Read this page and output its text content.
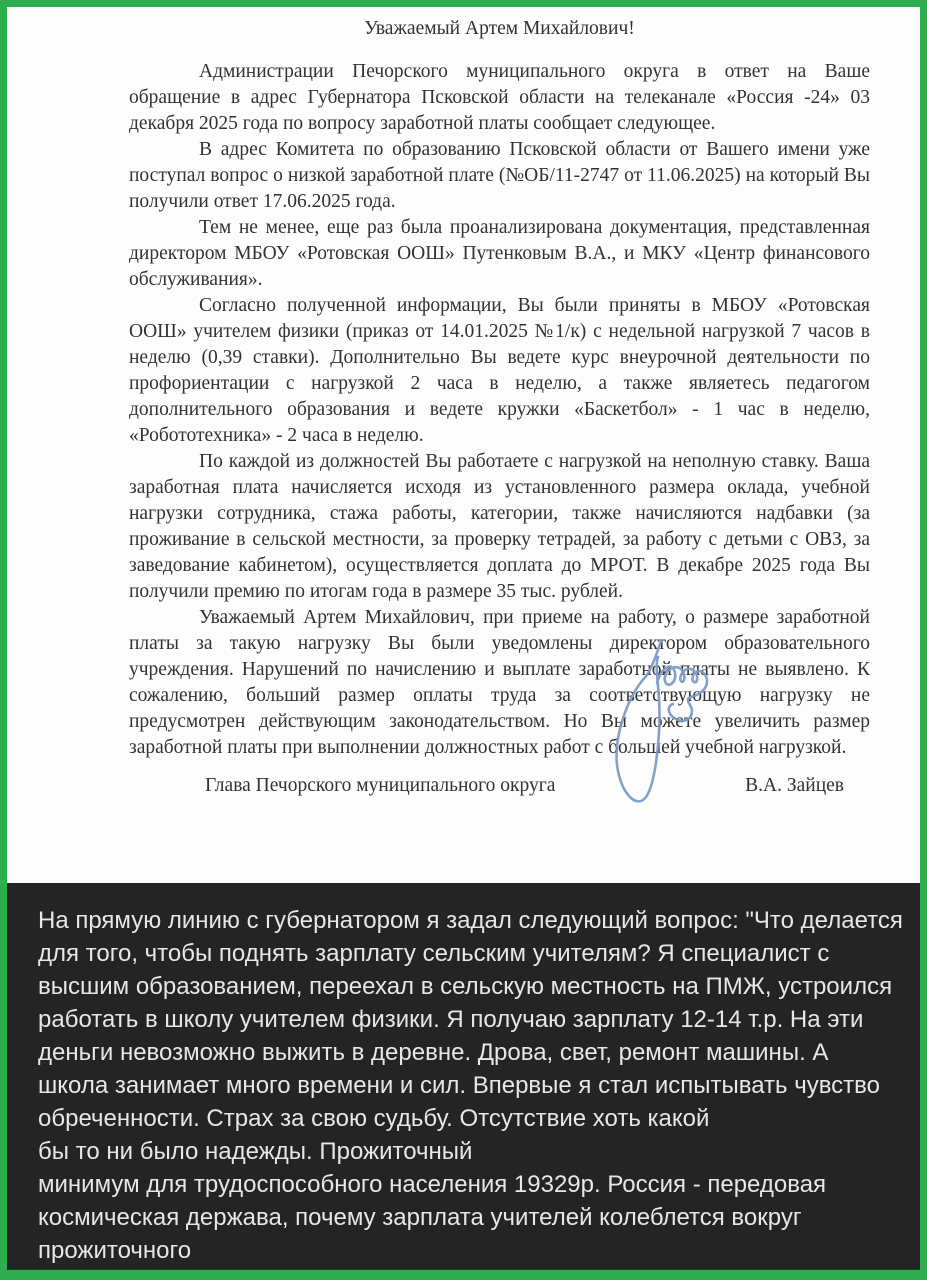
Уважаемый Артем Михайлович!

Администрации Печорского муниципального округа в ответ на Ваше обращение в адрес Губернатора Псковской области на телеканале «Россия -24» 03 декабря 2025 года по вопросу заработной платы сообщает следующее.

В адрес Комитета по образованию Псковской области от Вашего имени уже поступал вопрос о низкой заработной плате (№ОБ/11-2747 от 11.06.2025) на который Вы получили ответ 17.06.2025 года.

Тем не менее, еще раз была проанализирована документация, представленная директором МБОУ «Ротовская ООШ» Путенковым В.А., и МКУ «Центр финансового обслуживания».

Согласно полученной информации, Вы были приняты в МБОУ «Ротовская ООШ» учителем физики (приказ от 14.01.2025 №1/к) с недельной нагрузкой 7 часов в неделю (0,39 ставки). Дополнительно Вы ведете курс внеурочной деятельности по профориентации с нагрузкой 2 часа в неделю, а также являетесь педагогом дополнительного образования и ведете кружки «Баскетбол» - 1 час в неделю, «Робототехника» - 2 часа в неделю.

По каждой из должностей Вы работаете с нагрузкой на неполную ставку. Ваша заработная плата начисляется исходя из установленного размера оклада, учебной нагрузки сотрудника, стажа работы, категории, также начисляются надбавки (за проживание в сельской местности, за проверку тетрадей, за работу с детьми с ОВЗ, за заведование кабинетом), осуществляется доплата до МРОТ. В декабре 2025 года Вы получили премию по итогам года в размере 35 тыс. рублей.

Уважаемый Артем Михайлович, при приеме на работу, о размере заработной платы за такую нагрузку Вы были уведомлены директором образовательного учреждения. Нарушений по начислению и выплате заработной платы не выявлено. К сожалению, больший размер оплаты труда за соответствующую нагрузку не предусмотрен действующим законодательством. Но Вы можете увеличить размер заработной платы при выполнении должностных работ с большей учебной нагрузкой.

Глава Печорского муниципального округа	В.А. Зайцев
На прямую линию с губернатором я задал следующий вопрос: "Что делается
для того, чтобы поднять зарплату сельским учителям? Я специалист с
высшим образованием, переехал в сельскую местность на ПМЖ, устроился
работать в школу учителем физики. Я получаю зарплату 12-14 т.р. На эти
деньги невозможно выжить в деревне. Дрова, свет, ремонт машины. А
школа занимает много времени и сил. Впервые я стал испытывать чувство
обреченности. Страх за свою судьбу. Отсутствие хоть какой
бы то ни было надежды. Прожиточный
минимум для трудоспособного населения 19329р. Россия - передовая
космическая держава, почему зарплата учителей колеблется вокруг
прожиточного
